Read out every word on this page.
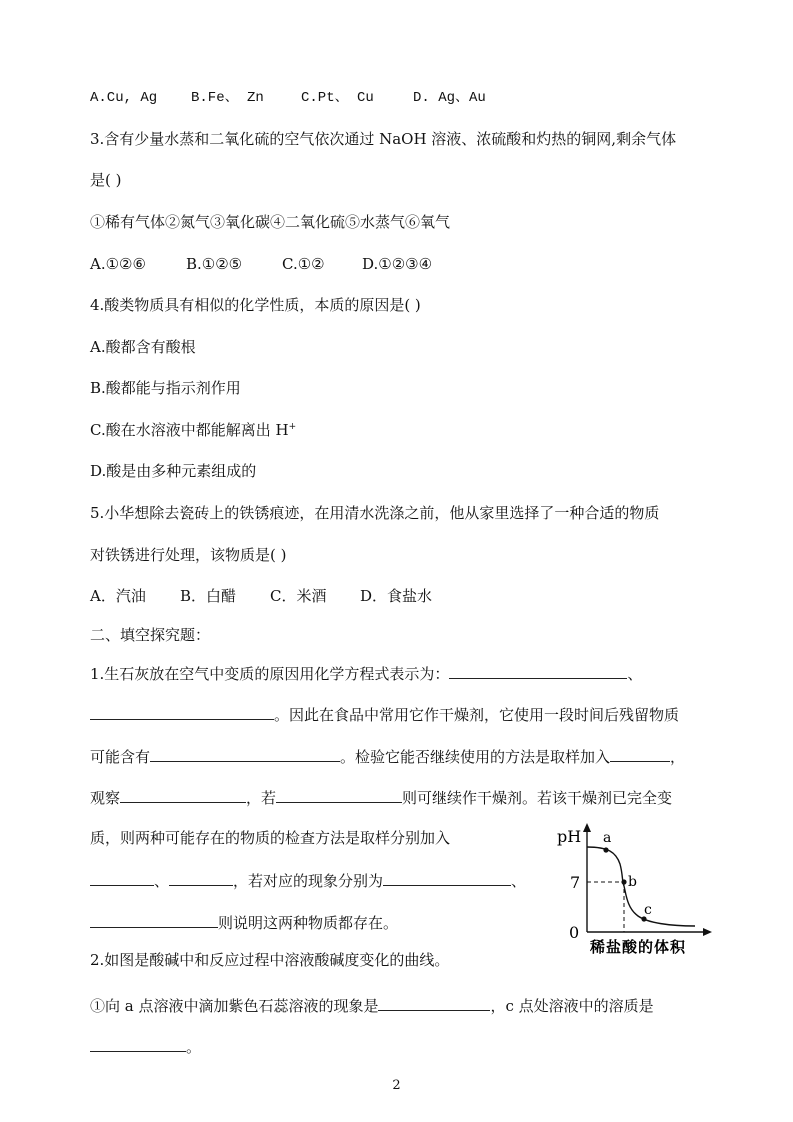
A.Cu, Ag B.Fe、 Zn	C.Pt、 Cu	D. Ag、Au
3.含有少量水蒸和二氧化硫的空气依次通过 NaOH 溶液、浓硫酸和灼热的铜网,剩余气体
是( )
①稀有气体②氮气③氧化碳④二氧化硫⑤水蒸气⑥氧气
A.①②⑥	B.①②⑤	C.①② D.①②③④
4.酸类物质具有相似的化学性质，本质的原因是( )
A.酸都含有酸根
B.酸都能与指示剂作用
C.酸在水溶液中都能解离出 H+
D.酸是由多种元素组成的
5.小华想除去瓷砖上的铁锈痕迹，在用清水洗涤之前，他从家里选择了一种合适的物质
对铁锈进行处理，该物质是( )
A．汽油 B．白醋 C．米酒 D．食盐水
二、填空探究题：
1.生石灰放在空气中变质的原因用化学方程式表示为：	、
。因此在食品中常用它作干燥剂，它使用一段时间后残留物质
可能含有	。检验它能否继续使用的方法是取样加入	，
观察	，若	则可继续作干燥剂。若该干燥剂已完全变
质，则两种可能存在的物质的检查方法是取样分别加入
、	，若对应的现象分别为	、
则说明这两种物质都存在。
2.如图是酸碱中和反应过程中溶液酸碱度变化的曲线。
①向 a 点溶液中滴加紫色石蕊溶液的现象是	，c 点处溶液中的溶质是
。
pH
7
0
a
b
c
稀盐酸的体积
2
